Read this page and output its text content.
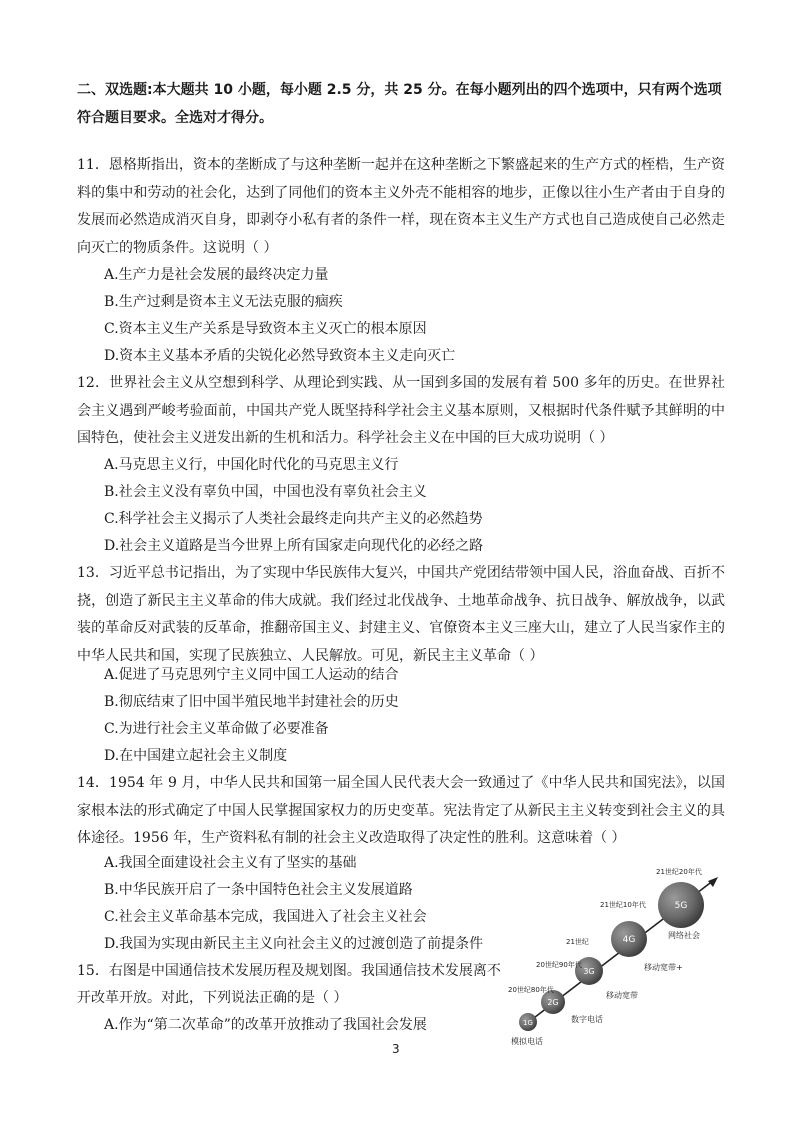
二、双选题:本大题共 10 小题，每小题 2.5 分，共 25 分。在每小题列出的四个选项中，只有两个选项符合题目要求。全选对才得分。
11．恩格斯指出，资本的垄断成了与这种垄断一起并在这种垄断之下繁盛起来的生产方式的桎梏，生产资料的集中和劳动的社会化，达到了同他们的资本主义外壳不能相容的地步，正像以往小生产者由于自身的发展而必然造成消灭自身，即剥夺小私有者的条件一样，现在资本主义生产方式也自己造成使自己必然走向灭亡的物质条件。这说明（ ）
A.生产力是社会发展的最终决定力量
B.生产过剩是资本主义无法克服的痼疾
C.资本主义生产关系是导致资本主义灭亡的根本原因
D.资本主义基本矛盾的尖锐化必然导致资本主义走向灭亡
12．世界社会主义从空想到科学、从理论到实践、从一国到多国的发展有着 500 多年的历史。在世界社会主义遇到严峻考验面前，中国共产党人既坚持科学社会主义基本原则，又根据时代条件赋予其鲜明的中国特色，使社会主义迸发出新的生机和活力。科学社会主义在中国的巨大成功说明（ ）
A.马克思主义行，中国化时代化的马克思主义行
B.社会主义没有辜负中国，中国也没有辜负社会主义
C.科学社会主义揭示了人类社会最终走向共产主义的必然趋势
D.社会主义道路是当今世界上所有国家走向现代化的必经之路
13．习近平总书记指出，为了实现中华民族伟大复兴，中国共产党团结带领中国人民，浴血奋战、百折不挠，创造了新民主主义革命的伟大成就。我们经过北伐战争、土地革命战争、抗日战争、解放战争，以武装的革命反对武装的反革命，推翻帝国主义、封建主义、官僚资本主义三座大山，建立了人民当家作主的中华人民共和国，实现了民族独立、人民解放。可见，新民主主义革命（ ）
A.促进了马克思列宁主义同中国工人运动的结合
B.彻底结束了旧中国半殖民地半封建社会的历史
C.为进行社会主义革命做了必要准备
D.在中国建立起社会主义制度
14．1954 年 9 月，中华人民共和国第一届全国人民代表大会一致通过了《中华人民共和国宪法》，以国家根本法的形式确定了中国人民掌握国家权力的历史变革。宪法肯定了从新民主主义转变到社会主义的具体途径。1956 年，生产资料私有制的社会主义改造取得了决定性的胜利。这意味着（ ）
A.我国全面建设社会主义有了坚实的基础
B.中华民族开启了一条中国特色社会主义发展道路
C.社会主义革命基本完成，我国进入了社会主义社会
D.我国为实现由新民主主义向社会主义的过渡创造了前提条件
15．右图是中国通信技术发展历程及规划图。我国通信技术发展离不
开改革开放。对此，下列说法正确的是（ ）
A.作为“第二次革命”的改革开放推动了我国社会发展	1G
模拟电话
2G
数字电话
20世纪80年代
3G
移动宽带
20世纪90年代
4G
移动宽带+
21世纪
5G
网络社会
21世纪10年代
21世纪20年代
3
